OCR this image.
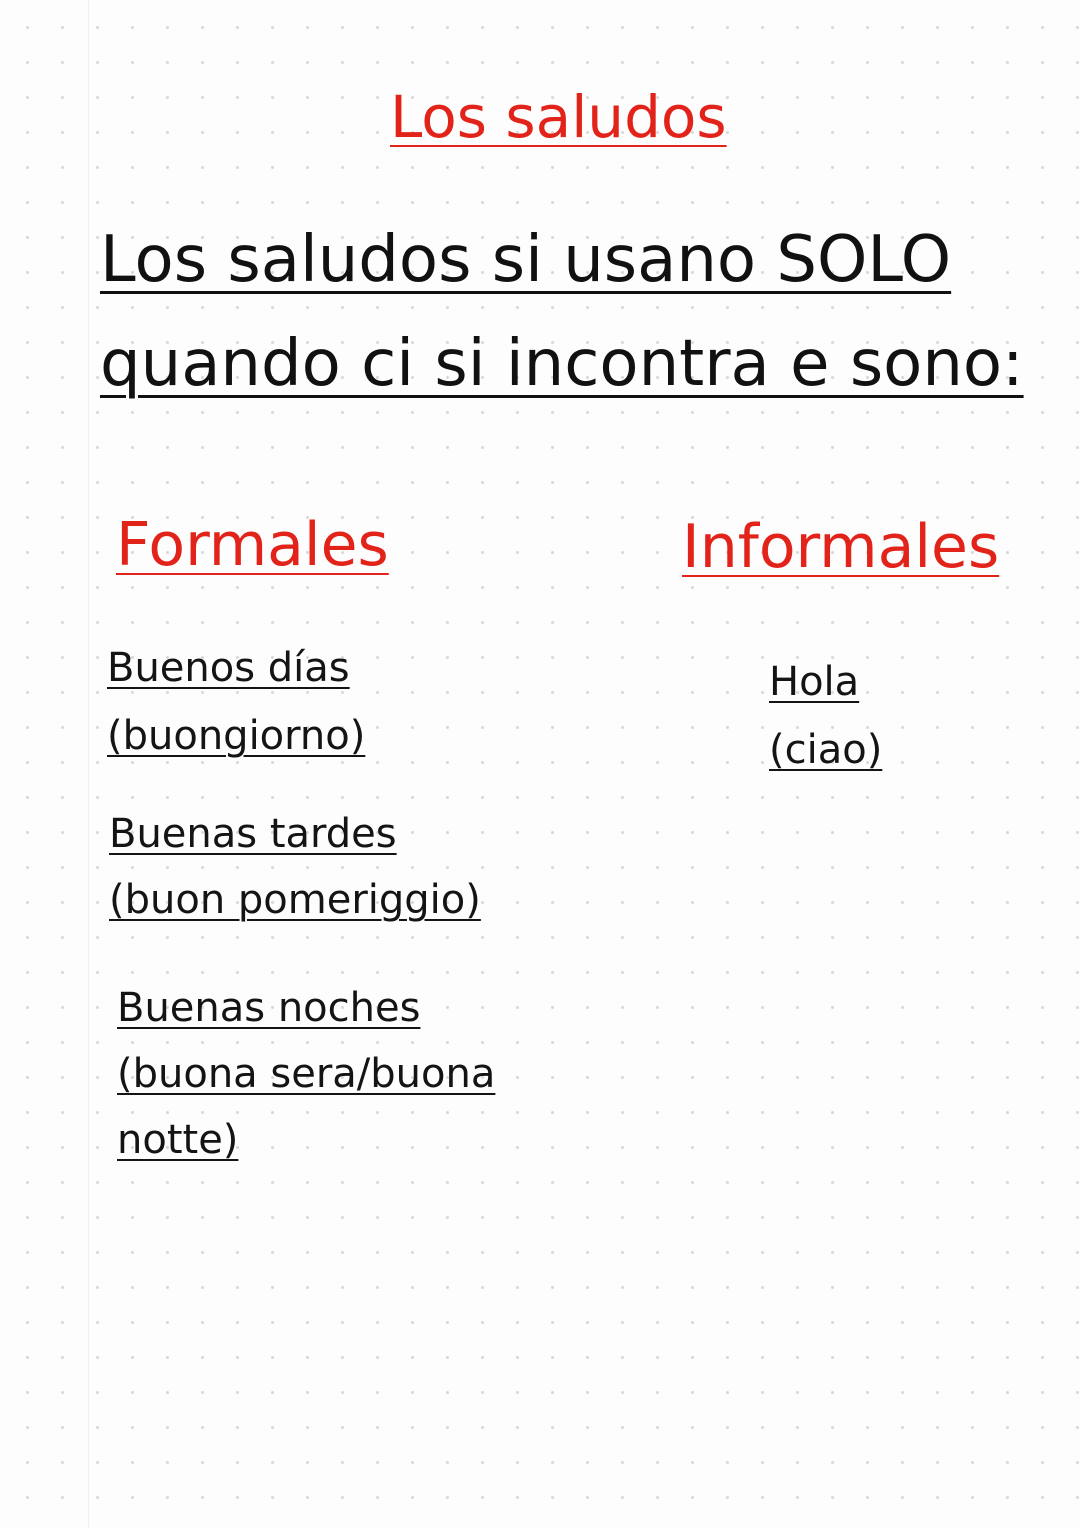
Los saludos
Los saludos si usano SOLO
quando ci si incontra e sono:
Formales	Informales
Buenos días
(buongiorno)
Buenas tardes
(buon pomeriggio)
Buenas noches
(buona sera/buona
notte)
Hola
(ciao)
